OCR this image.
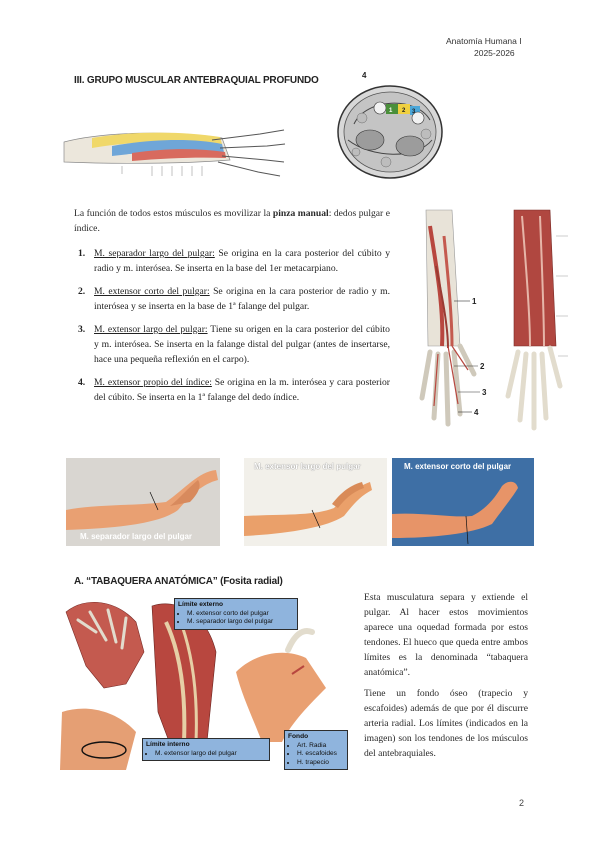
Anatomía Humana I
2025-2026
III. GRUPO MUSCULAR ANTEBRAQUIAL PROFUNDO	4
1 2 3
La función de todos estos músculos es movilizar la pinza manual: dedos pulgar e índice.
1. M. separador largo del pulgar: Se origina en la cara posterior del cúbito y radio y m. interósea. Se inserta en la base del 1er metacarpiano.
2. M. extensor corto del pulgar: Se origina en la cara posterior de radio y m. interósea y se inserta en la base de 1ª falange del pulgar.
3. M. extensor largo del pulgar: Tiene su origen en la cara posterior del cúbito y m. interósea. Se inserta en la falange distal del pulgar (antes de insertarse, hace una pequeña reflexión en el carpo).
4. M. extensor propio del índice: Se origina en la m. interósea y cara posterior del cúbito. Se inserta en la 1ª falange del dedo índice.
1
2
3
4
M. separador largo del pulgar
M. extensor largo del pulgar	M. extensor corto del pulgar
A. “TABAQUERA ANATÓMICA” (Fosita radial)
Límite externo
• M. extensor corto del pulgar
• M. separador largo del pulgar
Límite interno
• M. extensor largo del pulgar
Fondo
• Art. Radia
• H. escafoides
• H. trapecio
Esta musculatura separa y extiende el pulgar. Al hacer estos movimientos aparece una oquedad formada por estos tendones. El hueco que queda entre ambos límites es la denominada “tabaquera anatómica”.
Tiene un fondo óseo (trapecio y escafoides) además de que por él discurre arteria radial. Los límites (indicados en la imagen) son los tendones de los músculos del antebraquiales.
2
